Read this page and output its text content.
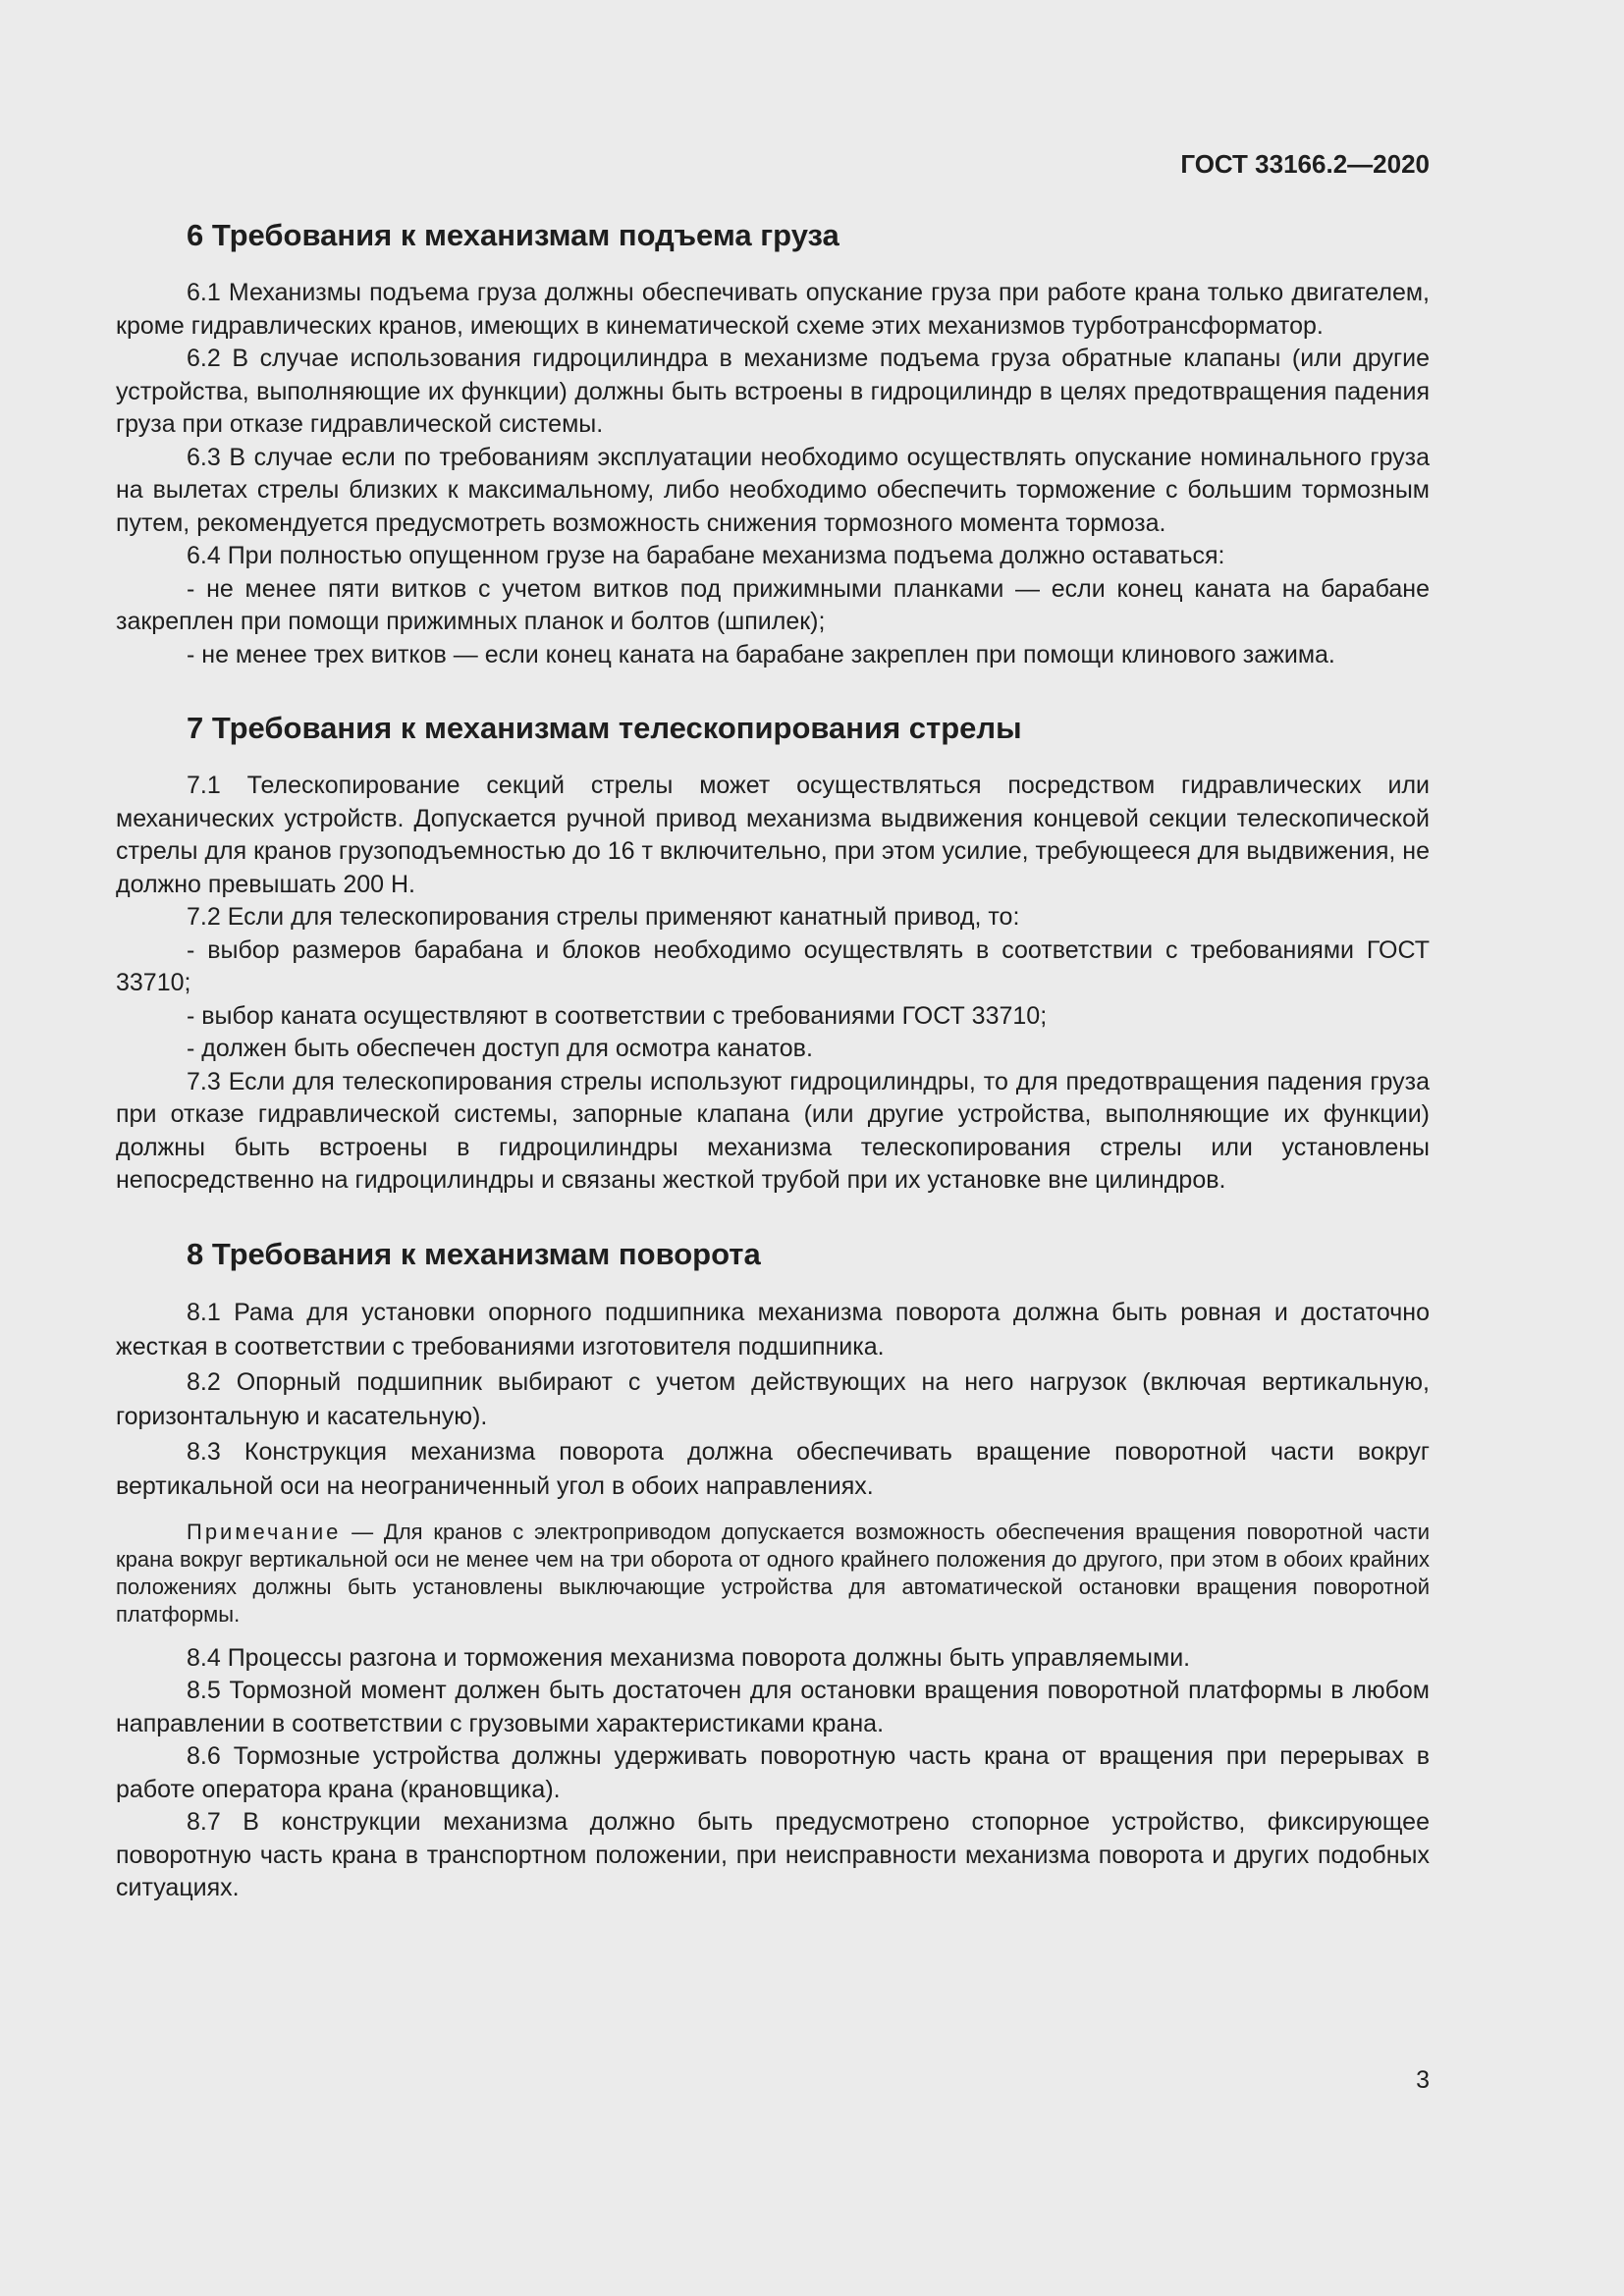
ГОСТ 33166.2—2020
6 Требования к механизмам подъема груза

6.1 Механизмы подъема груза должны обеспечивать опускание груза при работе крана только двигателем, кроме гидравлических кранов, имеющих в кинематической схеме этих механизмов турботрансформатор.

6.2 В случае использования гидроцилиндра в механизме подъема груза обратные клапаны (или другие устройства, выполняющие их функции) должны быть встроены в гидроцилиндр в целях предотвращения падения груза при отказе гидравлической системы.

6.3 В случае если по требованиям эксплуатации необходимо осуществлять опускание номинального груза на вылетах стрелы близких к максимальному, либо необходимо обеспечить торможение с большим тормозным путем, рекомендуется предусмотреть возможность снижения тормозного момента тормоза.

6.4 При полностью опущенном грузе на барабане механизма подъема должно оставаться:

- не менее пяти витков с учетом витков под прижимными планками — если конец каната на барабане закреплен при помощи прижимных планок и болтов (шпилек);

- не менее трех витков — если конец каната на барабане закреплен при помощи клинового зажима.

7 Требования к механизмам телескопирования стрелы

7.1 Телескопирование секций стрелы может осуществляться посредством гидравлических или механических устройств. Допускается ручной привод механизма выдвижения концевой секции телескопической стрелы для кранов грузоподъемностью до 16 т включительно, при этом усилие, требующееся для выдвижения, не должно превышать 200 Н.

7.2 Если для телескопирования стрелы применяют канатный привод, то:

- выбор размеров барабана и блоков необходимо осуществлять в соответствии с требованиями ГОСТ 33710;

- выбор каната осуществляют в соответствии с требованиями ГОСТ 33710;

- должен быть обеспечен доступ для осмотра канатов.

7.3 Если для телескопирования стрелы используют гидроцилиндры, то для предотвращения падения груза при отказе гидравлической системы, запорные клапана (или другие устройства, выполняющие их функции) должны быть встроены в гидроцилиндры механизма телескопирования стрелы или установлены непосредственно на гидроцилиндры и связаны жесткой трубой при их установке вне цилиндров.

8 Требования к механизмам поворота

8.1 Рама для установки опорного подшипника механизма поворота должна быть ровная и достаточно жесткая в соответствии с требованиями изготовителя подшипника.

8.2 Опорный подшипник выбирают с учетом действующих на него нагрузок (включая вертикальную, горизонтальную и касательную).

8.3 Конструкция механизма поворота должна обеспечивать вращение поворотной части вокруг вертикальной оси на неограниченный угол в обоих направлениях.

Примечание — Для кранов с электроприводом допускается возможность обеспечения вращения поворотной части крана вокруг вертикальной оси не менее чем на три оборота от одного крайнего положения до другого, при этом в обоих крайних положениях должны быть установлены выключающие устройства для автоматической остановки вращения поворотной платформы.

8.4 Процессы разгона и торможения механизма поворота должны быть управляемыми.

8.5 Тормозной момент должен быть достаточен для остановки вращения поворотной платформы в любом направлении в соответствии с грузовыми характеристиками крана.

8.6 Тормозные устройства должны удерживать поворотную часть крана от вращения при перерывах в работе оператора крана (крановщика).

8.7 В конструкции механизма должно быть предусмотрено стопорное устройство, фиксирующее поворотную часть крана в транспортном положении, при неисправности механизма поворота и других подобных ситуациях.

3
